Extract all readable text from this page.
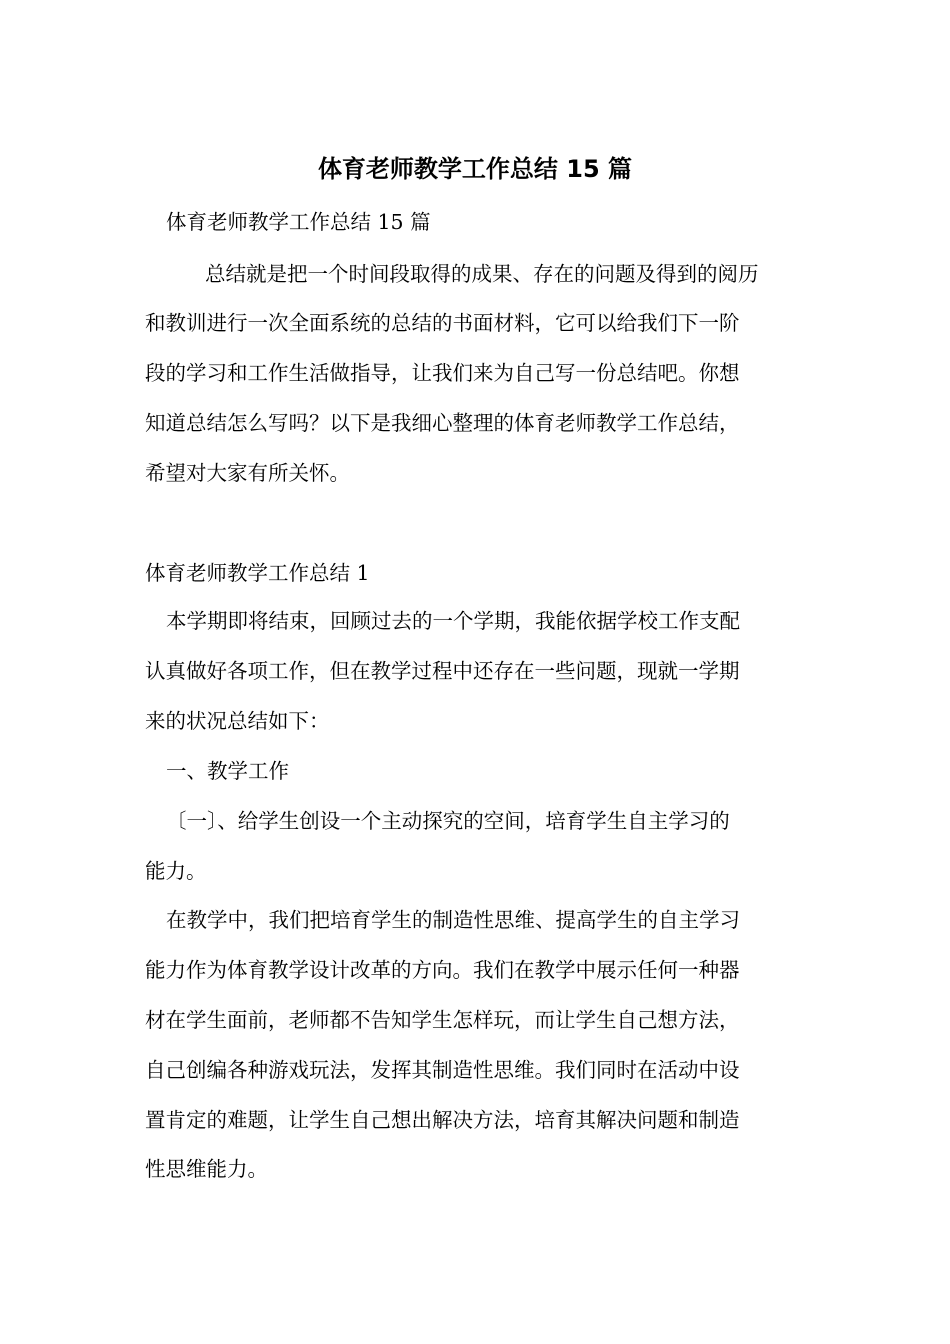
体育老师教学工作总结 15 篇
体育老师教学工作总结 15 篇
总结就是把一个时间段取得的成果、存在的问题及得到的阅历
和教训进行一次全面系统的总结的书面材料，它可以给我们下一阶
段的学习和工作生活做指导，让我们来为自己写一份总结吧。你想
知道总结怎么写吗？以下是我细心整理的体育老师教学工作总结，
希望对大家有所关怀。
体育老师教学工作总结 1
本学期即将结束，回顾过去的一个学期，我能依据学校工作支配
认真做好各项工作，但在教学过程中还存在一些问题，现就一学期
来的状况总结如下：
一、教学工作
〔一〕、给学生创设一个主动探究的空间，培育学生自主学习的
能力。
在教学中，我们把培育学生的制造性思维、提高学生的自主学习
能力作为体育教学设计改革的方向。我们在教学中展示任何一种器
材在学生面前，老师都不告知学生怎样玩，而让学生自己想方法，
自己创编各种游戏玩法，发挥其制造性思维。我们同时在活动中设
置肯定的难题，让学生自己想出解决方法，培育其解决问题和制造
性思维能力。
